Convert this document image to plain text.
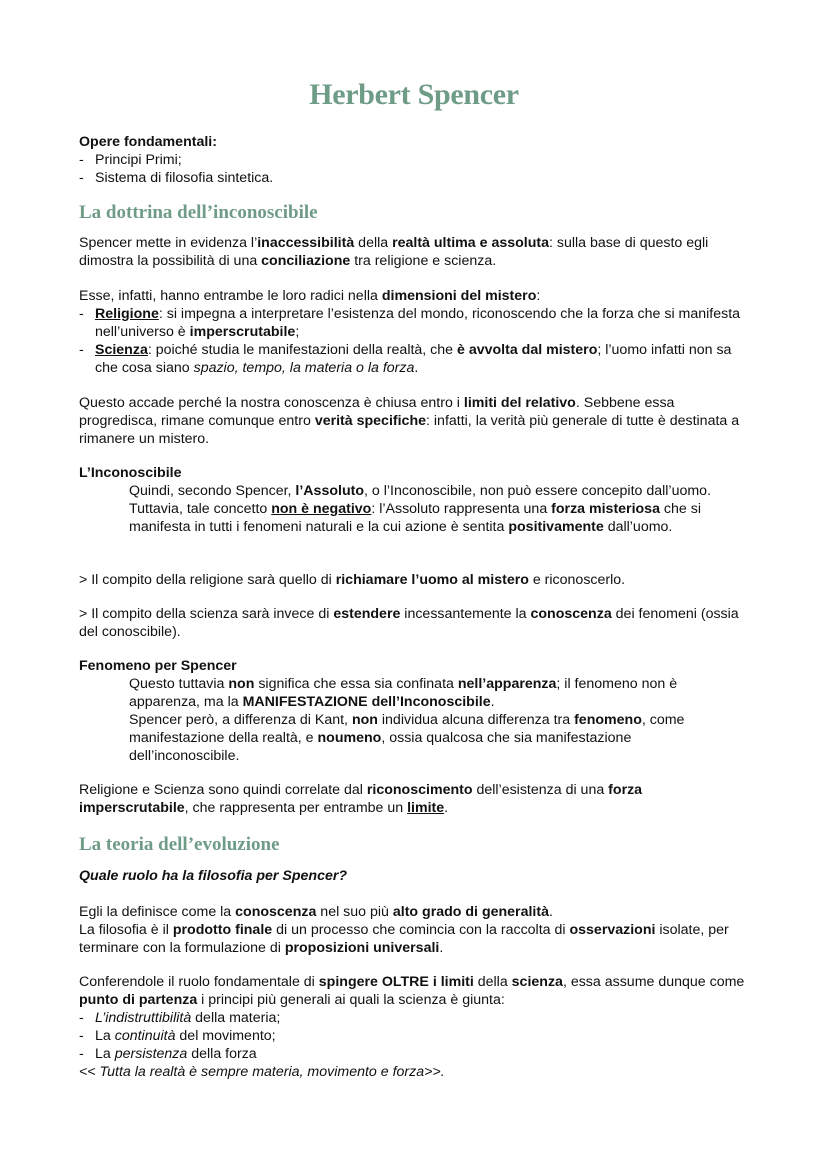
Herbert Spencer

Opere fondamentali:

- Principi Primi;
- Sistema di filosofia sintetica.
La dottrina dell’inconoscibile

Spencer mette in evidenza l’inaccessibilità della realtà ultima e assoluta: sulla base di questo egli dimostra la possibilità di una conciliazione tra religione e scienza.

Esse, infatti, hanno entrambe le loro radici nella dimensioni del mistero:

- Religione: si impegna a interpretare l’esistenza del mondo, riconoscendo che la forza che si manifesta nell’universo è imperscrutabile;
- Scienza: poiché studia le manifestazioni della realtà, che è avvolta dal mistero; l’uomo infatti non sa che cosa siano spazio, tempo, la materia o la forza.

Questo accade perché la nostra conoscenza è chiusa entro i limiti del relativo. Sebbene essa progredisca, rimane comunque entro verità specifiche: infatti, la verità più generale di tutte è destinata a rimanere un mistero.

L’Inconoscibile

Quindi, secondo Spencer, l’Assoluto, o l’Inconoscibile, non può essere concepito dall’uomo. Tuttavia, tale concetto non è negativo: l’Assoluto rappresenta una forza misteriosa che si manifesta in tutti i fenomeni naturali e la cui azione è sentita positivamente dall’uomo.

> Il compito della religione sarà quello di richiamare l’uomo al mistero e riconoscerlo.

> Il compito della scienza sarà invece di estendere incessantemente la conoscenza dei fenomeni (ossia del conoscibile).

Fenomeno per Spencer

Questo tuttavia non significa che essa sia confinata nell’apparenza; il fenomeno non è apparenza, ma la MANIFESTAZIONE dell’Inconoscibile.

Spencer però, a differenza di Kant, non individua alcuna differenza tra fenomeno, come manifestazione della realtà, e noumeno, ossia qualcosa che sia manifestazione dell’inconoscibile.

Religione e Scienza sono quindi correlate dal riconoscimento dell’esistenza di una forza imperscrutabile, che rappresenta per entrambe un limite.

La teoria dell’evoluzione

Quale ruolo ha la filosofia per Spencer?

Egli la definisce come la conoscenza nel suo più alto grado di generalità.

La filosofia è il prodotto finale di un processo che comincia con la raccolta di osservazioni isolate, per terminare con la formulazione di proposizioni universali.

Conferendole il ruolo fondamentale di spingere OLTRE i limiti della scienza, essa assume dunque come punto di partenza i principi più generali ai quali la scienza è giunta:

- L’indistruttibilità della materia;
- La continuità del movimento;
- La persistenza della forza

<< Tutta la realtà è sempre materia, movimento e forza>>.
